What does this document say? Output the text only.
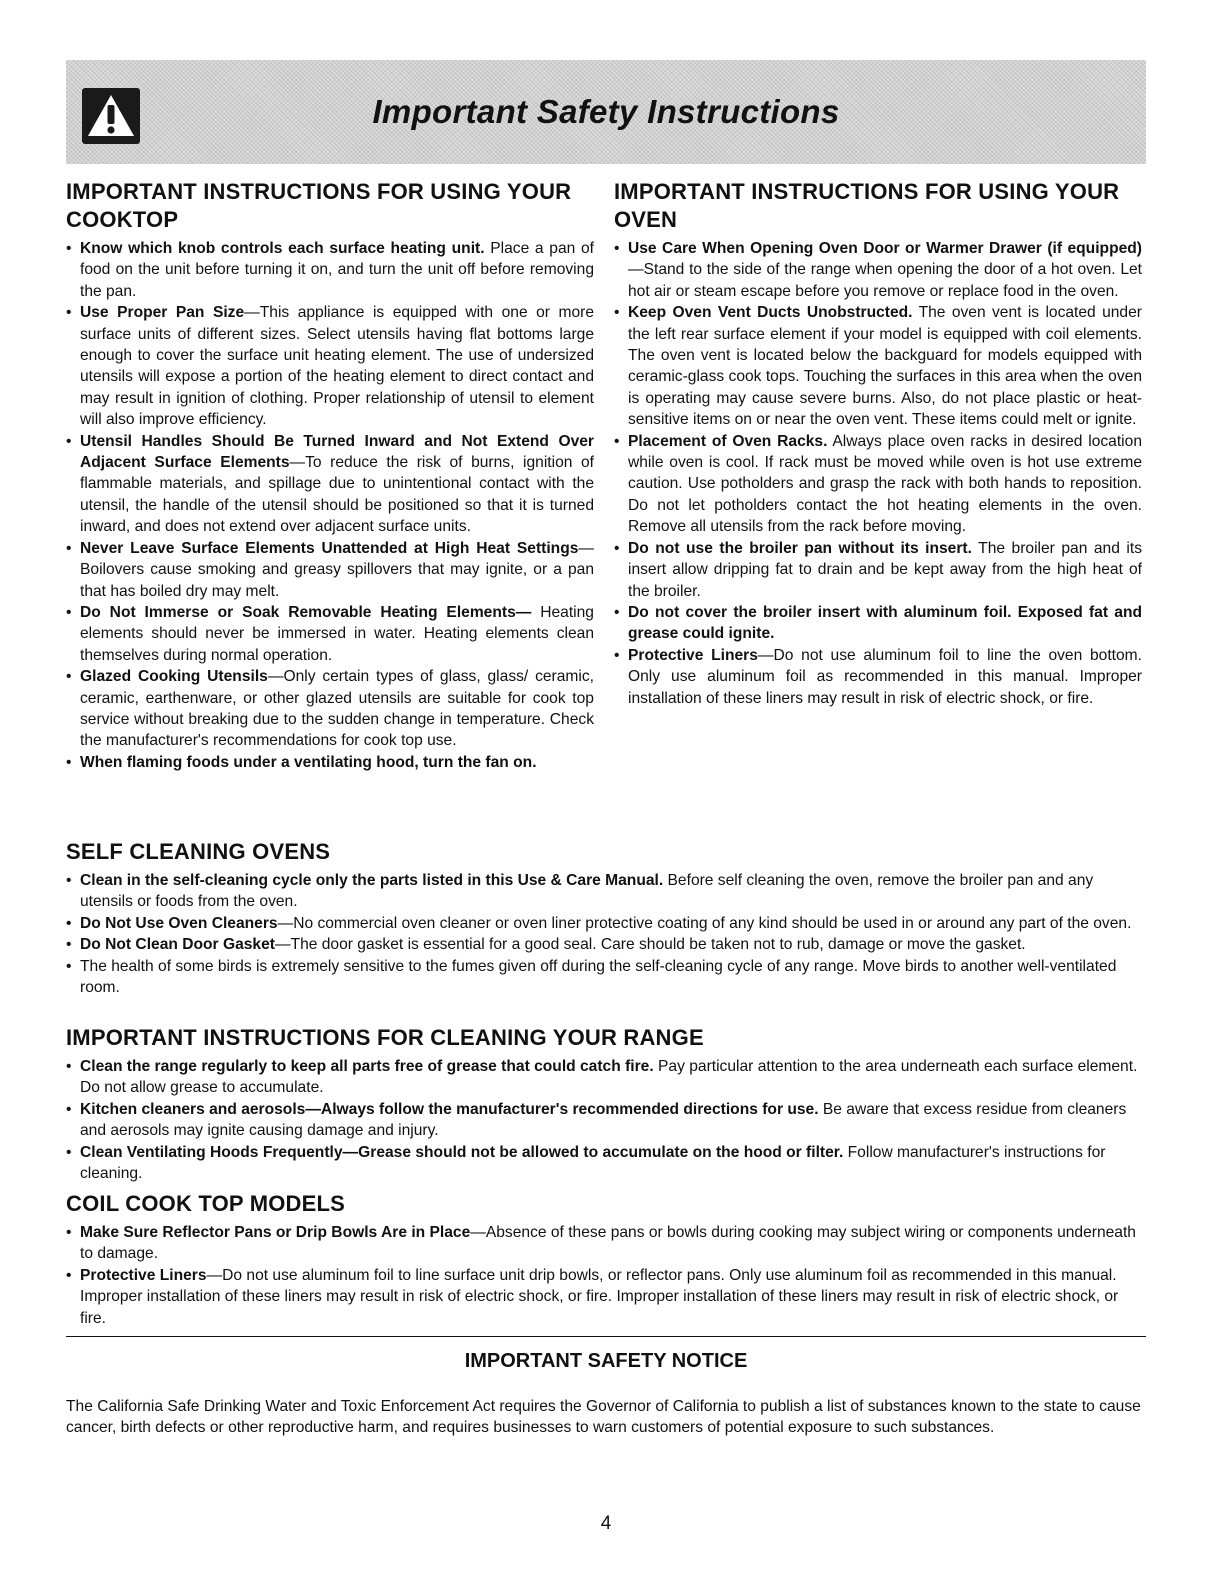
Important Safety Instructions
IMPORTANT INSTRUCTIONS FOR USING YOUR COOKTOP
• Know which knob controls each surface heating unit. Place a pan of food on the unit before turning it on, and turn the unit off before removing the pan.
• Use Proper Pan Size—This appliance is equipped with one or more surface units of different sizes. Select utensils having flat bottoms large enough to cover the surface unit heating element. The use of undersized utensils will expose a portion of the heating element to direct contact and may result in ignition of clothing. Proper relationship of utensil to element will also improve efficiency.
• Utensil Handles Should Be Turned Inward and Not Extend Over Adjacent Surface Elements—To reduce the risk of burns, ignition of flammable materials, and spillage due to unintentional contact with the utensil, the handle of the utensil should be positioned so that it is turned inward, and does not extend over adjacent surface units.
• Never Leave Surface Elements Unattended at High Heat Settings—Boilovers cause smoking and greasy spillovers that may ignite, or a pan that has boiled dry may melt.
• Do Not Immerse or Soak Removable Heating Elements— Heating elements should never be immersed in water. Heating elements clean themselves during normal operation.
• Glazed Cooking Utensils—Only certain types of glass, glass/ ceramic, ceramic, earthenware, or other glazed utensils are suitable for cook top service without breaking due to the sudden change in temperature. Check the manufacturer's recommendations for cook top use.
• When flaming foods under a ventilating hood, turn the fan on.
IMPORTANT INSTRUCTIONS FOR USING YOUR OVEN
• Use Care When Opening Oven Door or Warmer Drawer (if equipped)—Stand to the side of the range when opening the door of a hot oven. Let hot air or steam escape before you remove or replace food in the oven.
• Keep Oven Vent Ducts Unobstructed. The oven vent is located under the left rear surface element if your model is equipped with coil elements. The oven vent is located below the backguard for models equipped with ceramic-glass cook tops. Touching the surfaces in this area when the oven is operating may cause severe burns. Also, do not place plastic or heat-sensitive items on or near the oven vent. These items could melt or ignite.
• Placement of Oven Racks. Always place oven racks in desired location while oven is cool. If rack must be moved while oven is hot use extreme caution. Use potholders and grasp the rack with both hands to reposition. Do not let potholders contact the hot heating elements in the oven. Remove all utensils from the rack before moving.
• Do not use the broiler pan without its insert. The broiler pan and its insert allow dripping fat to drain and be kept away from the high heat of the broiler.
• Do not cover the broiler insert with aluminum foil. Exposed fat and grease could ignite.
• Protective Liners—Do not use aluminum foil to line the oven bottom. Only use aluminum foil as recommended in this manual. Improper installation of these liners may result in risk of electric shock, or fire.
SELF CLEANING OVENS
• Clean in the self-cleaning cycle only the parts listed in this Use & Care Manual. Before self cleaning the oven, remove the broiler pan and any utensils or foods from the oven.
• Do Not Use Oven Cleaners—No commercial oven cleaner or oven liner protective coating of any kind should be used in or around any part of the oven.
• Do Not Clean Door Gasket—The door gasket is essential for a good seal. Care should be taken not to rub, damage or move the gasket.
• The health of some birds is extremely sensitive to the fumes given off during the self-cleaning cycle of any range. Move birds to another well-ventilated room.
IMPORTANT INSTRUCTIONS FOR CLEANING YOUR RANGE
• Clean the range regularly to keep all parts free of grease that could catch fire. Pay particular attention to the area underneath each surface element. Do not allow grease to accumulate.
• Kitchen cleaners and aerosols—Always follow the manufacturer's recommended directions for use. Be aware that excess residue from cleaners and aerosols may ignite causing damage and injury.
• Clean Ventilating Hoods Frequently—Grease should not be allowed to accumulate on the hood or filter. Follow manufacturer's instructions for cleaning.
COIL COOK TOP MODELS
• Make Sure Reflector Pans or Drip Bowls Are in Place—Absence of these pans or bowls during cooking may subject wiring or components underneath to damage.
• Protective Liners—Do not use aluminum foil to line surface unit drip bowls, or reflector pans. Only use aluminum foil as recommended in this manual. Improper installation of these liners may result in risk of electric shock, or fire. Improper installation of these liners may result in risk of electric shock, or fire.
IMPORTANT SAFETY NOTICE
The California Safe Drinking Water and Toxic Enforcement Act requires the Governor of California to publish a list of substances known to the state to cause cancer, birth defects or other reproductive harm, and requires businesses to warn customers of potential exposure to such substances.
4
